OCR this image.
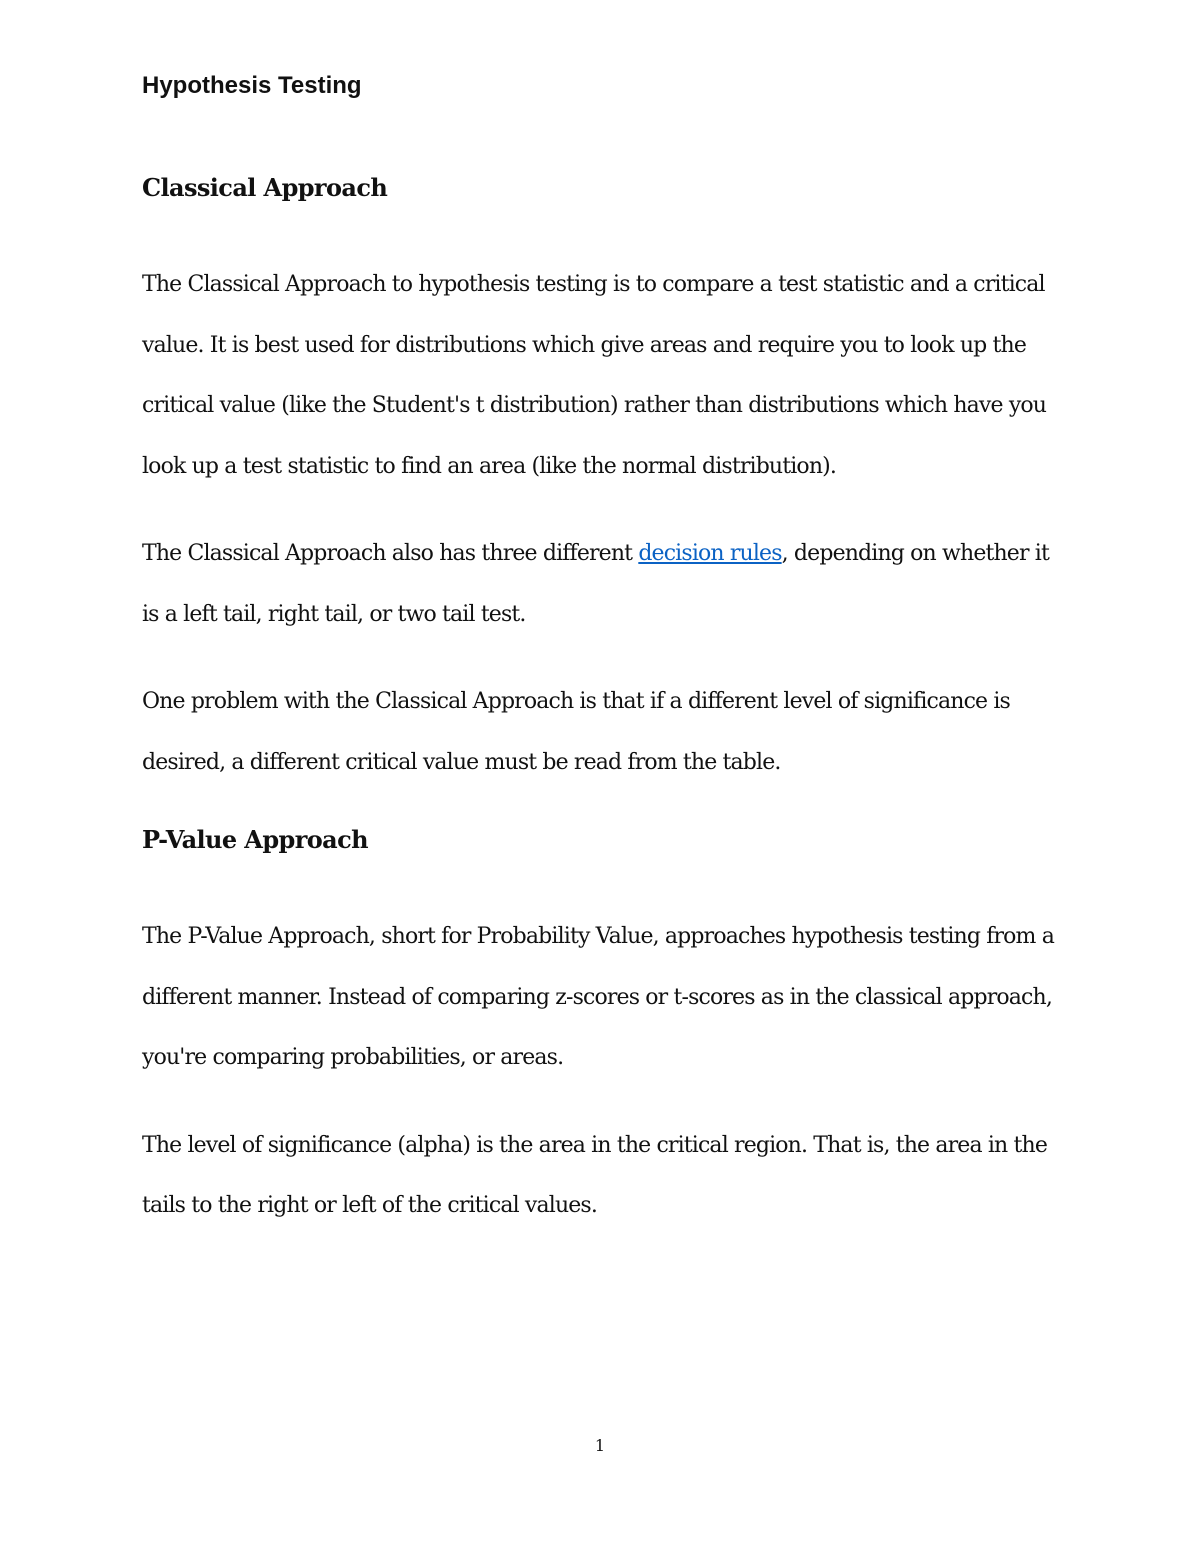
Hypothesis Testing
Classical Approach

The Classical Approach to hypothesis testing is to compare a test statistic and a critical value. It is best used for distributions which give areas and require you to look up the critical value (like the Student's t distribution) rather than distributions which have you look up a test statistic to find an area (like the normal distribution).

The Classical Approach also has three different decision rules, depending on whether it is a left tail, right tail, or two tail test.

One problem with the Classical Approach is that if a different level of significance is desired, a different critical value must be read from the table.

P-Value Approach

The P-Value Approach, short for Probability Value, approaches hypothesis testing from a different manner. Instead of comparing z-scores or t-scores as in the classical approach, you're comparing probabilities, or areas.

The level of significance (alpha) is the area in the critical region. That is, the area in the tails to the right or left of the critical values.

1
